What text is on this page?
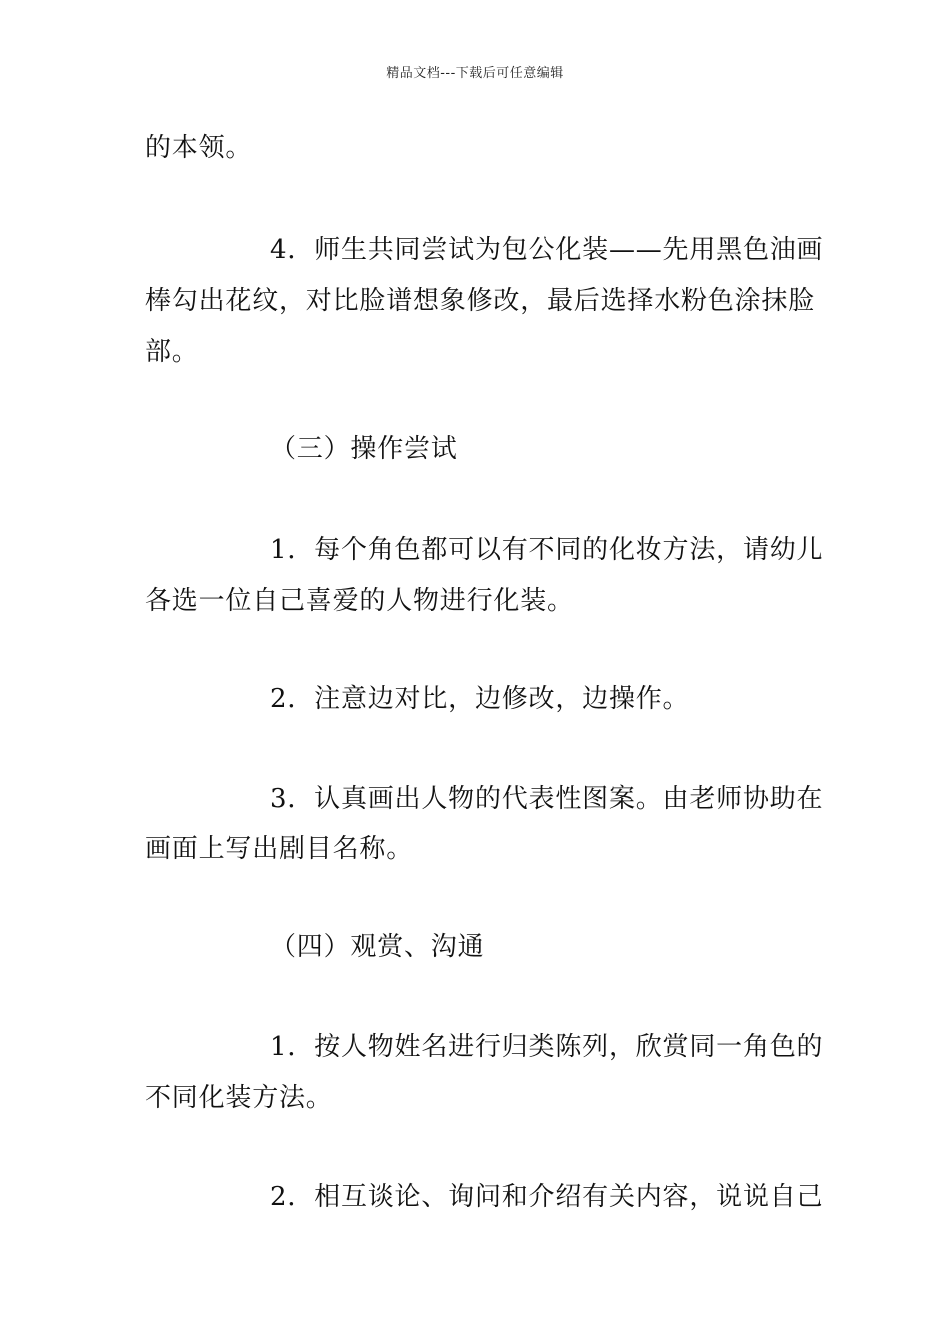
精品文档---下载后可任意编辑
的本领。
4．师生共同尝试为包公化装——先用黑色油画
棒勾出花纹，对比脸谱想象修改，最后选择水粉色涂抹脸
部。
（三）操作尝试
1．每个角色都可以有不同的化妆方法，请幼儿
各选一位自己喜爱的人物进行化装。
2．注意边对比，边修改，边操作。
3．认真画出人物的代表性图案。由老师协助在
画面上写出剧目名称。
（四）观赏、沟通
1．按人物姓名进行归类陈列，欣赏同一角色的
不同化装方法。
2．相互谈论、询问和介绍有关内容，说说自己
